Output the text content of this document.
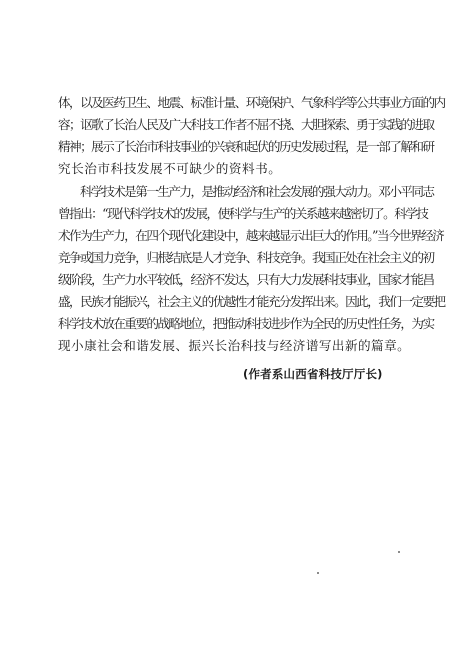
体，以及医药卫生、地震、标准计量、环境保护、气象科学等公共事业方面的内
容；讴歌了长治人民及广大科技工作者不屈不挠、大胆探索、勇于实践的进取
精神；展示了长治市科技事业的兴衰和起伏的历史发展过程，是一部了解和研
究长治市科技发展不可缺少的资料书。
科学技术是第一生产力，是推动经济和社会发展的强大动力。邓小平同志
曾指出：“现代科学技术的发展，使科学与生产的关系越来越密切了。科学技
术作为生产力，在四个现代化建设中，越来越显示出巨大的作用。”当今世界经济
竞争或国力竞争，归根结底是人才竞争、科技竞争。我国正处在社会主义的初
级阶段，生产力水平较低，经济不发达，只有大力发展科技事业，国家才能昌
盛，民族才能振兴，社会主义的优越性才能充分发挥出来。因此，我们一定要把
科学技术放在重要的战略地位，把推动科技进步作为全民的历史性任务，为实
现小康社会和谐发展、振兴长治科技与经济谱写出新的篇章。
(作者系山西省科技厅厅长)
